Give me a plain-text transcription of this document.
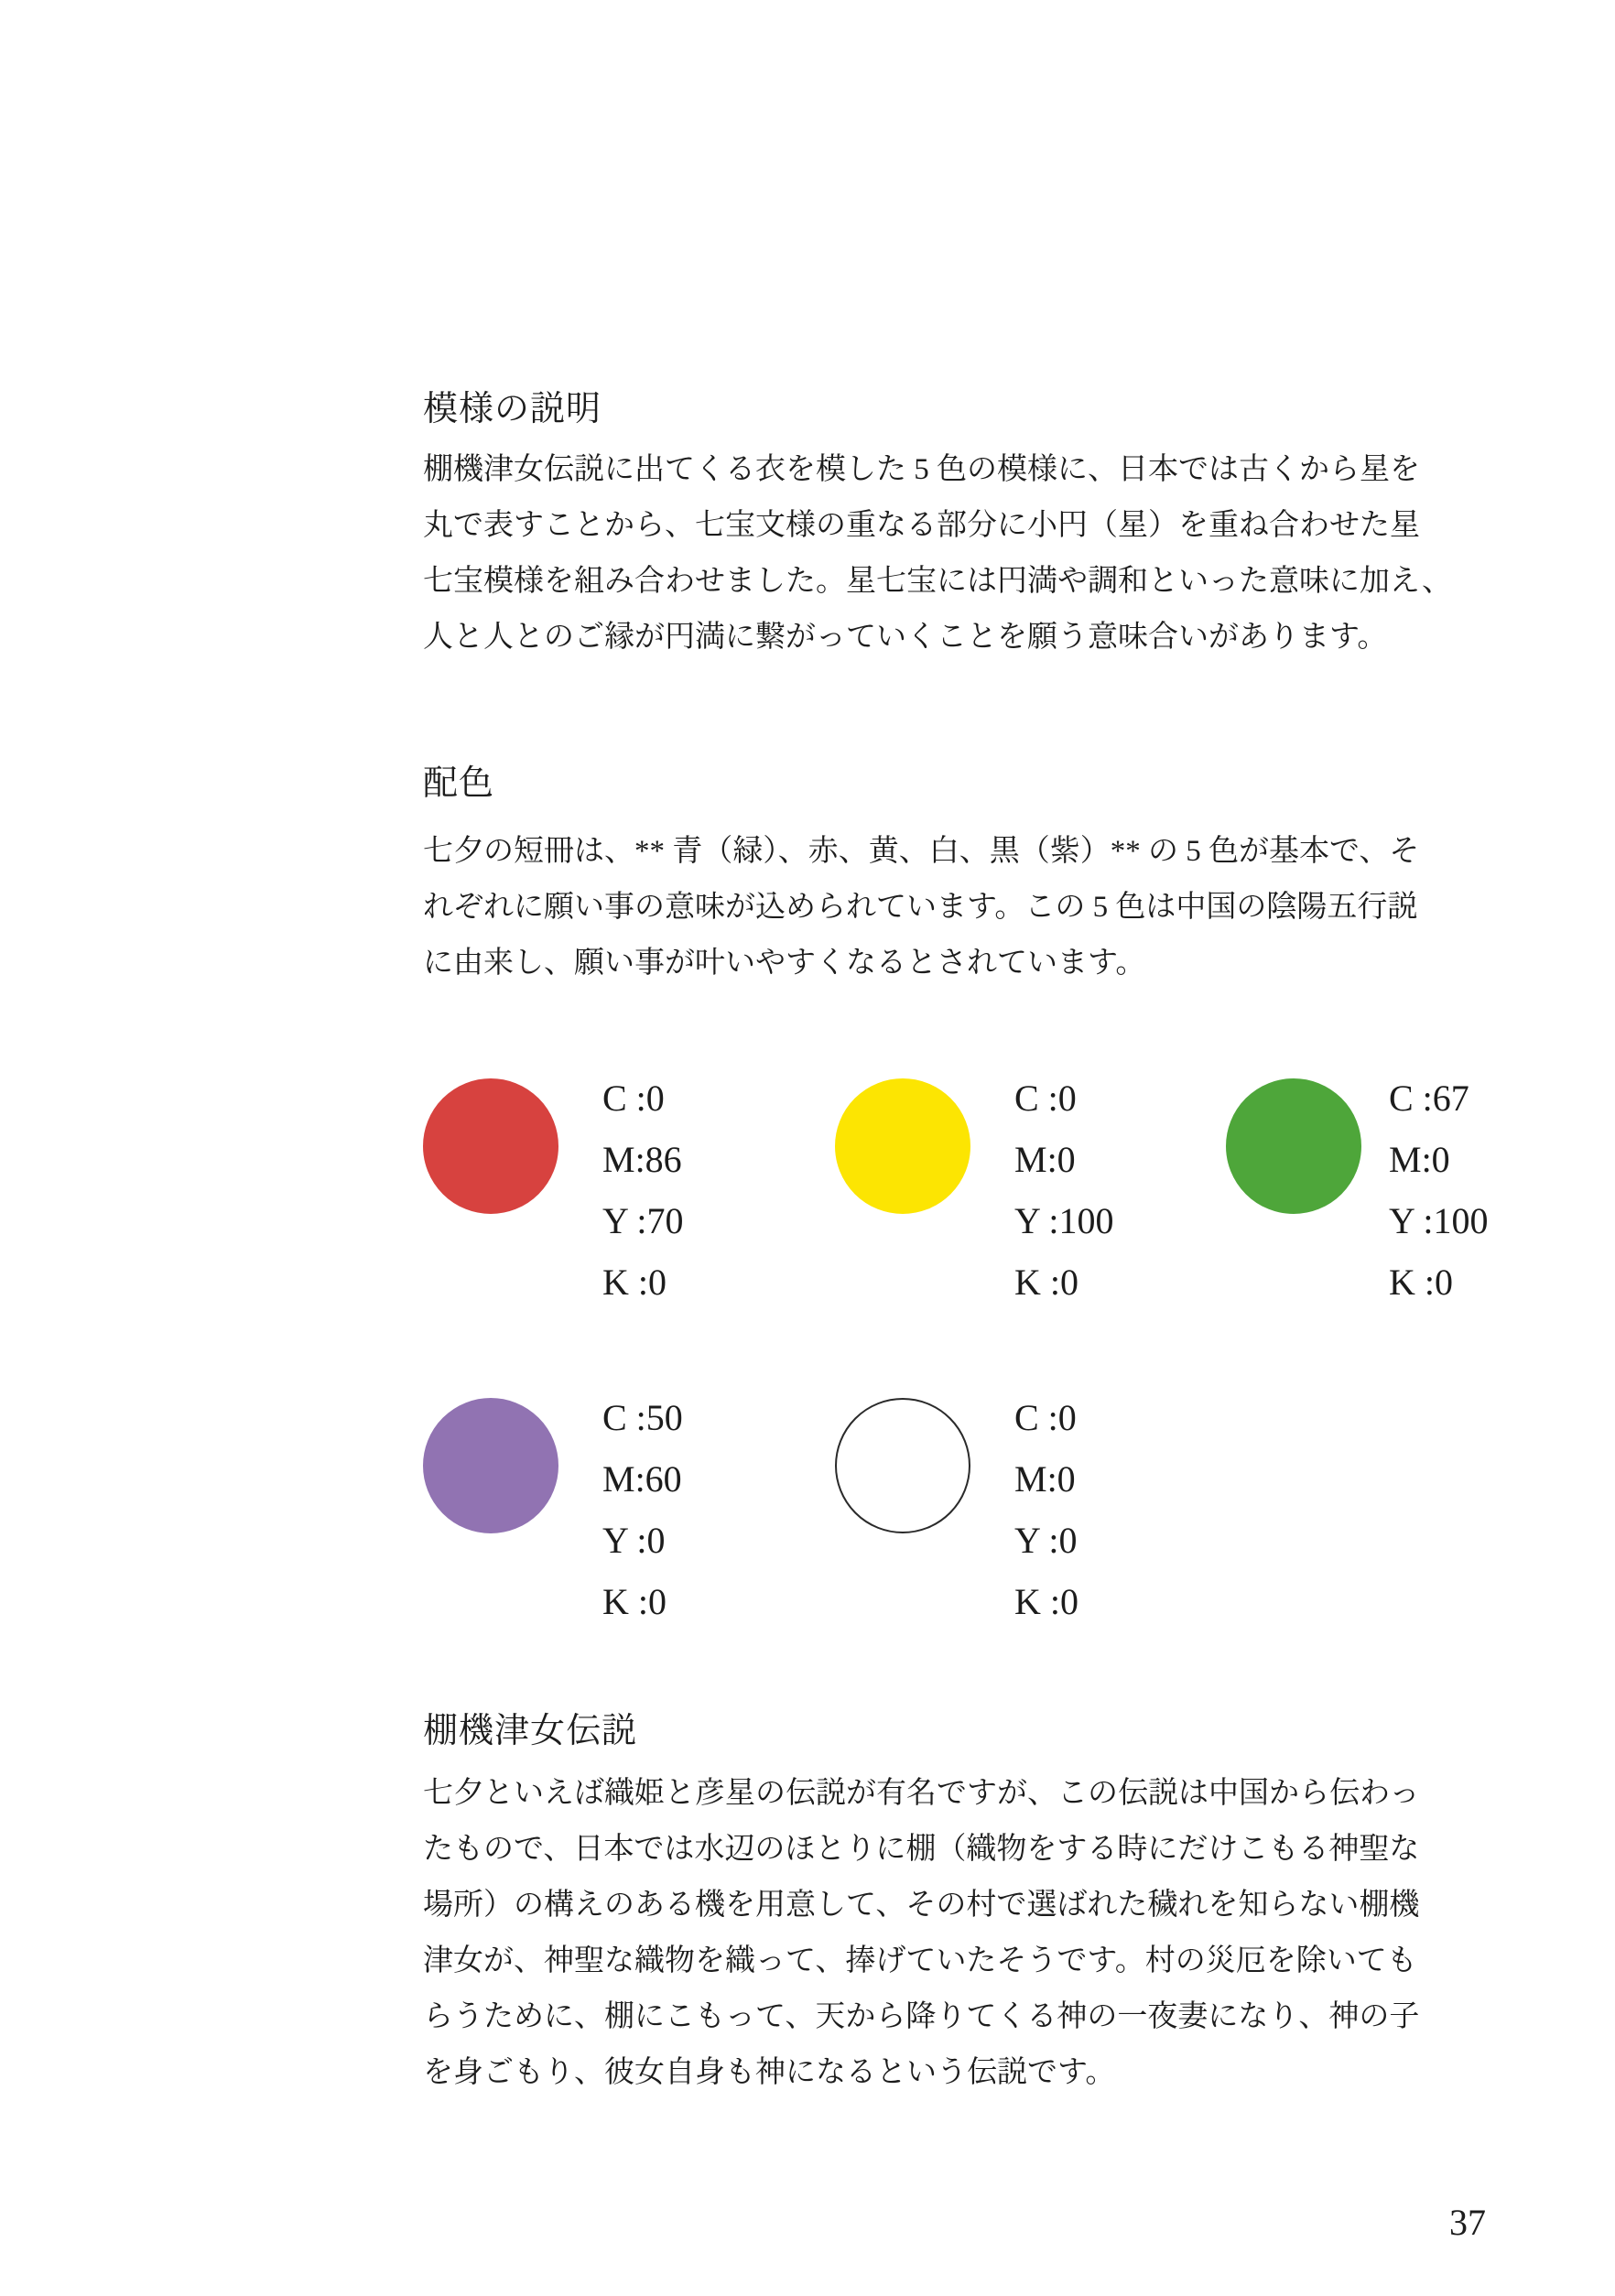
模様の説明
棚機津女伝説に出てくる衣を模した 5 色の模様に、日本では古くから星を
丸で表すことから、七宝文様の重なる部分に小円（星）を重ね合わせた星
七宝模様を組み合わせました。星七宝には円満や調和といった意味に加え、
人と人とのご縁が円満に繋がっていくことを願う意味合いがあります。
配色
七夕の短冊は、** 青（緑）、赤、黄、白、黒（紫）** の 5 色が基本で、そ
れぞれに願い事の意味が込められています。この 5 色は中国の陰陽五行説
に由来し、願い事が叶いやすくなるとされています。
C :0
M:86
Y :70
K :0
C :0
M:0
Y :100
K :0
C :67
M:0
Y :100
K :0
C :50
M:60
Y :0
K :0
C :0
M:0
Y :0
K :0
棚機津女伝説
七夕といえば織姫と彦星の伝説が有名ですが、この伝説は中国から伝わっ
たもので、日本では水辺のほとりに棚（織物をする時にだけこもる神聖な
場所）の構えのある機を用意して、その村で選ばれた穢れを知らない棚機
津女が、神聖な織物を織って、捧げていたそうです。村の災厄を除いても
らうために、棚にこもって、天から降りてくる神の一夜妻になり、神の子
を身ごもり、彼女自身も神になるという伝説です。
37
